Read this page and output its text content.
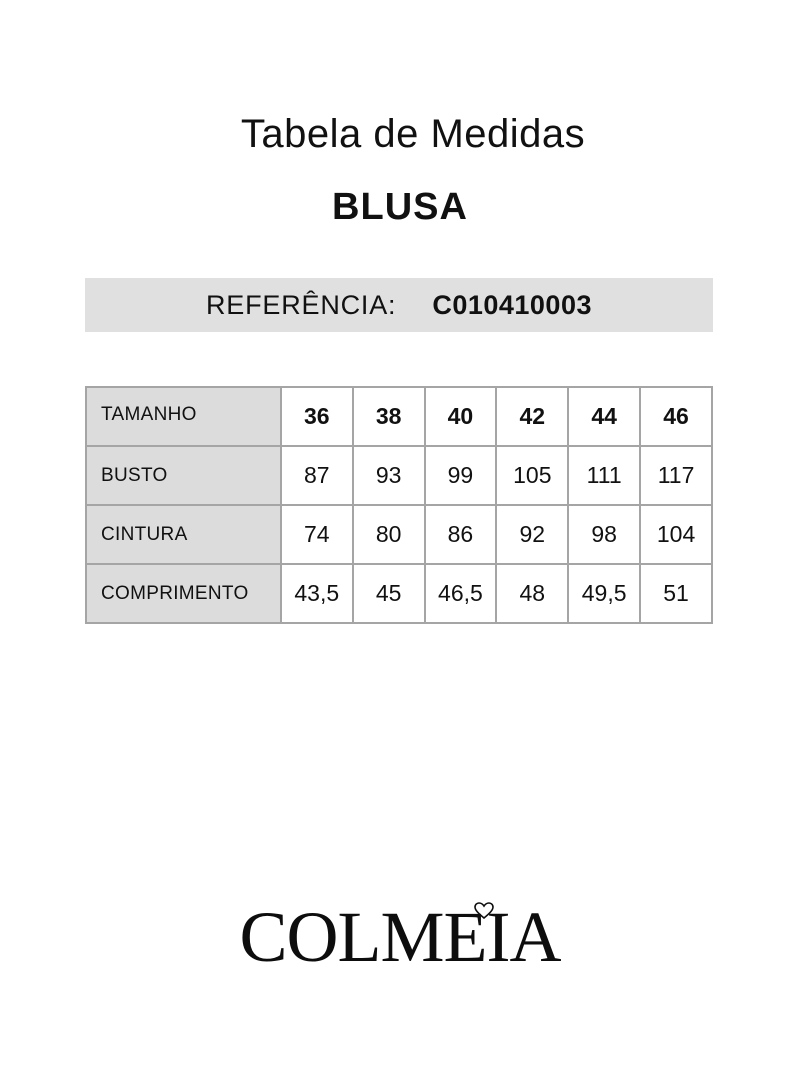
Tabela de Medidas
BLUSA
REFERÊNCIA: C010410003
TAMANHO	36	38	40	42	44	46
BUSTO	87	93	99	105	111	117
CINTURA	74	80	86	92	98	104
COMPRIMENTO	43,5	45	46,5	48	49,5	51
COLMEIA
